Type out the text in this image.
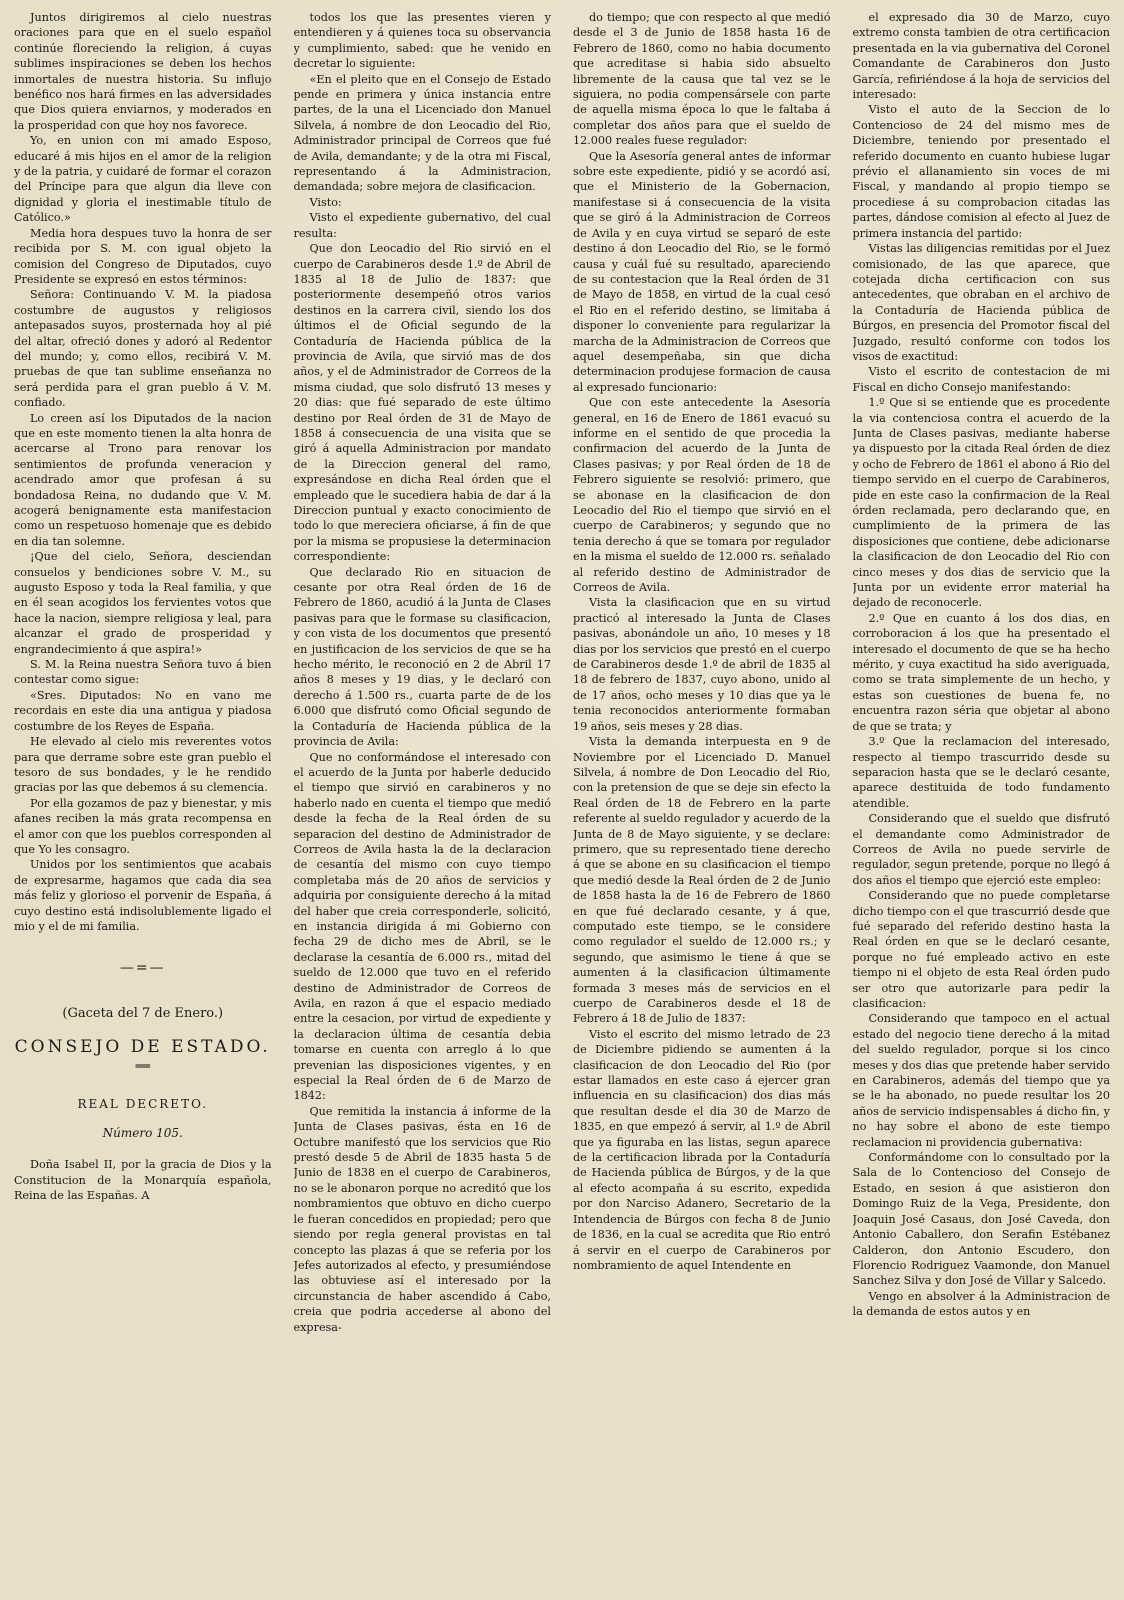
Juntos dirigiremos al cielo nuestras oraciones para que en el suelo español continúe floreciendo la religion, á cuyas sublimes inspiraciones se deben los hechos inmortales de nuestra historia. Su influjo benéfico nos hará firmes en las adversidades que Dios quiera enviarnos, y moderados en la prosperidad con que hoy nos favorece.

Yo, en union con mi amado Esposo, educaré á mis hijos en el amor de la religion y de la patria, y cuidaré de formar el corazon del Príncipe para que algun dia lleve con dignidad y gloria el inestimable título de Católico.»

Media hora despues tuvo la honra de ser recibida por S. M. con igual objeto la comision del Congreso de Diputados, cuyo Presidente se expresó en estos términos:

Señora: Continuando V. M. la piadosa costumbre de augustos y religiosos antepasados suyos, prosternada hoy al pié del altar, ofreció dones y adoró al Redentor del mundo; y, como ellos, recibirá V. M. pruebas de que tan sublime enseñanza no será perdida para el gran pueblo á V. M. confiado.

Lo creen así los Diputados de la nacion que en este momento tienen la alta honra de acercarse al Trono para renovar los sentimientos de profunda veneracion y acendrado amor que profesan á su bondadosa Reina, no dudando que V. M. acogerá benignamente esta manifestacion como un respetuoso homenaje que es debido en dia tan solemne.

¡Que del cielo, Señora, desciendan consuelos y bendiciones sobre V. M., su augusto Esposo y toda la Real familia, y que en él sean acogidos los fervientes votos que hace la nacion, siempre religiosa y leal, para alcanzar el grado de prosperidad y engrandecimiento á que aspira!»

S. M. la Reina nuestra Señora tuvo á bien contestar como sigue:

«Sres. Diputados: No en vano me recordais en este dia una antigua y piadosa costumbre de los Reyes de España.

He elevado al cielo mis reverentes votos para que derrame sobre este gran pueblo el tesoro de sus bondades, y le he rendido gracias por las que debemos á su clemencia.

Por ella gozamos de paz y bienestar, y mis afanes reciben la más grata recompensa en el amor con que los pueblos corresponden al que Yo les consagro.

Unidos por los sentimientos que acabais de expresarme, hagamos que cada dia sea más feliz y glorioso el porvenir de España, á cuyo destino está indisolublemente ligado el mio y el de mi familia.

—=—

(Gaceta del 7 de Enero.)

CONSEJO DE ESTADO.

══

REAL DECRETO.

Número 105.

Doña Isabel II, por la gracia de Dios y la Constitucion de la Monarquía española, Reina de las Españas. A

todos los que las presentes vieren y entendieren y á quienes toca su observancia y cumplimiento, sabed: que he venido en decretar lo siguiente:

«En el pleito que en el Consejo de Estado pende en primera y única instancia entre partes, de la una el Licenciado don Manuel Silvela, á nombre de don Leocadio del Rio, Administrador principal de Correos que fué de Avila, demandante; y de la otra mi Fiscal, representando á la Administracion, demandada; sobre mejora de clasificacion.

Visto:

Visto el expediente gubernativo, del cual resulta:

Que don Leocadio del Rio sirvió en el cuerpo de Carabineros desde 1.º de Abril de 1835 al 18 de Julio de 1837: que posteriormente desempeñó otros varios destinos en la carrera civil, siendo los dos últimos el de Oficial segundo de la Contaduría de Hacienda pública de la provincia de Avila, que sirvió mas de dos años, y el de Administrador de Correos de la misma ciudad, que solo disfrutó 13 meses y 20 dias: que fué separado de este último destino por Real órden de 31 de Mayo de 1858 á consecuencia de una visita que se giró á aquella Administracion por mandato de la Direccion general del ramo, expresándose en dicha Real órden que el empleado que le sucediera habia de dar á la Direccion puntual y exacto conocimiento de todo lo que mereciera oficiarse, á fin de que por la misma se propusiese la determinacion correspondiente:

Que declarado Rio en situacion de cesante por otra Real órden de 16 de Febrero de 1860, acudió á la Junta de Clases pasivas para que le formase su clasificacion, y con vista de los documentos que presentó en justificacion de los servicios de que se ha hecho mérito, le reconoció en 2 de Abril 17 años 8 meses y 19 dias, y le declaró con derecho á 1.500 rs., cuarta parte de de los 6.000 que disfrutó como Oficial segundo de la Contaduría de Hacienda pública de la provincia de Avila:

Que no conformándose el interesado con el acuerdo de la Junta por haberle deducido el tiempo que sirvió en carabineros y no haberlo nado en cuenta el tiempo que medió desde la fecha de la Real órden de su separacion del destino de Administrador de Correos de Avila hasta la de la declaracion de cesantía del mismo con cuyo tiempo completaba más de 20 años de servicios y adquiria por consiguiente derecho á la mitad del haber que creia corresponderle, solicitó, en instancia dirigida á mi Gobierno con fecha 29 de dicho mes de Abril, se le declarase la cesantía de 6.000 rs., mitad del sueldo de 12.000 que tuvo en el referido destino de Administrador de Correos de Avila, en razon á que el espacio mediado entre la cesacion, por virtud de expediente y la declaracion última de cesantía debia tomarse en cuenta con arreglo á lo que prevenian las disposiciones vigentes, y en especial la Real órden de 6 de Marzo de 1842:

Que remitida la instancia á informe de la Junta de Clases pasivas, ésta en 16 de Octubre manifestó que los servicios que Rio prestó desde 5 de Abril de 1835 hasta 5 de Junio de 1838 en el cuerpo de Carabineros, no se le abonaron porque no acreditó que los nombramientos que obtuvo en dicho cuerpo le fueran concedidos en propiedad; pero que siendo por regla general provistas en tal concepto las plazas á que se referia por los Jefes autorizados al efecto, y presumiéndose las obtuviese así el interesado por la circunstancia de haber ascendido á Cabo, creia que podria accederse al abono del expresa-

do tiempo; que con respecto al que medió desde el 3 de Junio de 1858 hasta 16 de Febrero de 1860, como no habia documento que acreditase si habia sido absuelto libremente de la causa que tal vez se le siguiera, no podia compensársele con parte de aquella misma época lo que le faltaba á completar dos años para que el sueldo de 12.000 reales fuese regulador:

Que la Asesoría general antes de informar sobre este expediente, pidió y se acordó así, que el Ministerio de la Gobernacion, manifestase si á consecuencia de la visita que se giró á la Administracion de Correos de Avila y en cuya virtud se separó de este destino á don Leocadio del Rio, se le formó causa y cuál fué su resultado, apareciendo de su contestacion que la Real órden de 31 de Mayo de 1858, en virtud de la cual cesó el Rio en el referido destino, se limitaba á disponer lo conveniente para regularizar la marcha de la Administracion de Correos que aquel desempeñaba, sin que dicha determinacion produjese formacion de causa al expresado funcionario:

Que con este antecedente la Asesoría general, en 16 de Enero de 1861 evacuó su informe en el sentido de que procedia la confirmacion del acuerdo de la Junta de Clases pasivas; y por Real órden de 18 de Febrero siguiente se resolvió: primero, que se abonase en la clasificacion de don Leocadio del Rio el tiempo que sirvió en el cuerpo de Carabineros; y segundo que no tenia derecho á que se tomara por regulador en la misma el sueldo de 12.000 rs. señalado al referido destino de Administrador de Correos de Avila.

Vista la clasificacion que en su virtud practicó al interesado la Junta de Clases pasivas, abonándole un año, 10 meses y 18 dias por los servicios que prestó en el cuerpo de Carabineros desde 1.º de abril de 1835 al 18 de febrero de 1837, cuyo abono, unido al de 17 años, ocho meses y 10 dias que ya le tenia reconocidos anteriormente formaban 19 años, seis meses y 28 dias.

Vista la demanda interpuesta en 9 de Noviembre por el Licenciado D. Manuel Silvela, á nombre de Don Leocadio del Rio, con la pretension de que se deje sin efecto la Real órden de 18 de Febrero en la parte referente al sueldo regulador y acuerdo de la Junta de 8 de Mayo siguiente, y se declare: primero, que su representado tiene derecho á que se abone en su clasificacion el tiempo que medió desde la Real órden de 2 de Junio de 1858 hasta la de 16 de Febrero de 1860 en que fué declarado cesante, y á que, computado este tiempo, se le considere como regulador el sueldo de 12.000 rs.; y segundo, que asimismo le tiene á que se aumenten á la clasificacion últimamente formada 3 meses más de servicios en el cuerpo de Carabineros desde el 18 de Febrero á 18 de Julio de 1837:

Visto el escrito del mismo letrado de 23 de Diciembre pidiendo se aumenten á la clasificacion de don Leocadio del Rio (por estar llamados en este caso á ejercer gran influencia en su clasificacion) dos dias más que resultan desde el dia 30 de Marzo de 1835, en que empezó á servir, al 1.º de Abril que ya figuraba en las listas, segun aparece de la certificacion librada por la Contaduría de Hacienda pública de Búrgos, y de la que al efecto acompaña á su escrito, expedida por don Narciso Adanero, Secretario de la Intendencia de Búrgos con fecha 8 de Junio de 1836, en la cual se acredita que Rio entró á servir en el cuerpo de Carabineros por nombramiento de aquel Intendente en

el expresado dia 30 de Marzo, cuyo extremo consta tambien de otra certificacion presentada en la via gubernativa del Coronel Comandante de Carabineros don Justo García, refiriéndose á la hoja de servicios del interesado:

Visto el auto de la Seccion de lo Contencioso de 24 del mismo mes de Diciembre, teniendo por presentado el referido documento en cuanto hubiese lugar prévio el allanamiento sin voces de mi Fiscal, y mandando al propio tiempo se procediese á su comprobacion citadas las partes, dándose comision al efecto al Juez de primera instancia del partido:

Vistas las diligencias remitidas por el Juez comisionado, de las que aparece, que cotejada dicha certificacion con sus antecedentes, que obraban en el archivo de la Contaduría de Hacienda pública de Búrgos, en presencia del Promotor fiscal del Juzgado, resultó conforme con todos los visos de exactitud:

Visto el escrito de contestacion de mi Fiscal en dicho Consejo manifestando:

1.º Que si se entiende que es procedente la via contenciosa contra el acuerdo de la Junta de Clases pasivas, mediante haberse ya dispuesto por la citada Real órden de diez y ocho de Febrero de 1861 el abono á Rio del tiempo servido en el cuerpo de Carabineros, pide en este caso la confirmacion de la Real órden reclamada, pero declarando que, en cumplimiento de la primera de las disposiciones que contiene, debe adicionarse la clasificacion de don Leocadio del Rio con cinco meses y dos dias de servicio que la Junta por un evidente error material ha dejado de reconocerle.

2.º Que en cuanto á los dos dias, en corroboracion á los que ha presentado el interesado el documento de que se ha hecho mérito, y cuya exactitud ha sido averiguada, como se trata simplemente de un hecho, y estas son cuestiones de buena fe, no encuentra razon séria que objetar al abono de que se trata; y

3.º Que la reclamacion del interesado, respecto al tiempo trascurrido desde su separacion hasta que se le declaró cesante, aparece destituida de todo fundamento atendible.

Considerando que el sueldo que disfrutó el demandante como Administrador de Correos de Avila no puede servirle de regulador, segun pretende, porque no llegó á dos años el tiempo que ejerció este empleo:

Considerando que no puede completarse dicho tiempo con el que trascurrió desde que fué separado del referido destino hasta la Real órden en que se le declaró cesante, porque no fué empleado activo en este tiempo ni el objeto de esta Real órden pudo ser otro que autorizarle para pedir la clasificacion:

Considerando que tampoco en el actual estado del negocio tiene derecho á la mitad del sueldo regulador, porque si los cinco meses y dos dias que pretende haber servido en Carabineros, además del tiempo que ya se le ha abonado, no puede resultar los 20 años de servicio indispensables á dicho fin, y no hay sobre el abono de este tiempo reclamacion ni providencia gubernativa:

Conformándome con lo consultado por la Sala de lo Contencioso del Consejo de Estado, en sesion á que asistieron don Domingo Ruiz de la Vega, Presidente, don Joaquin José Casaus, don José Caveda, don Antonio Caballero, don Serafin Estébanez Calderon, don Antonio Escudero, don Florencio Rodriguez Vaamonde, don Manuel Sanchez Silva y don José de Villar y Salcedo.

Vengo en absolver á la Administracion de la demanda de estos autos y en
